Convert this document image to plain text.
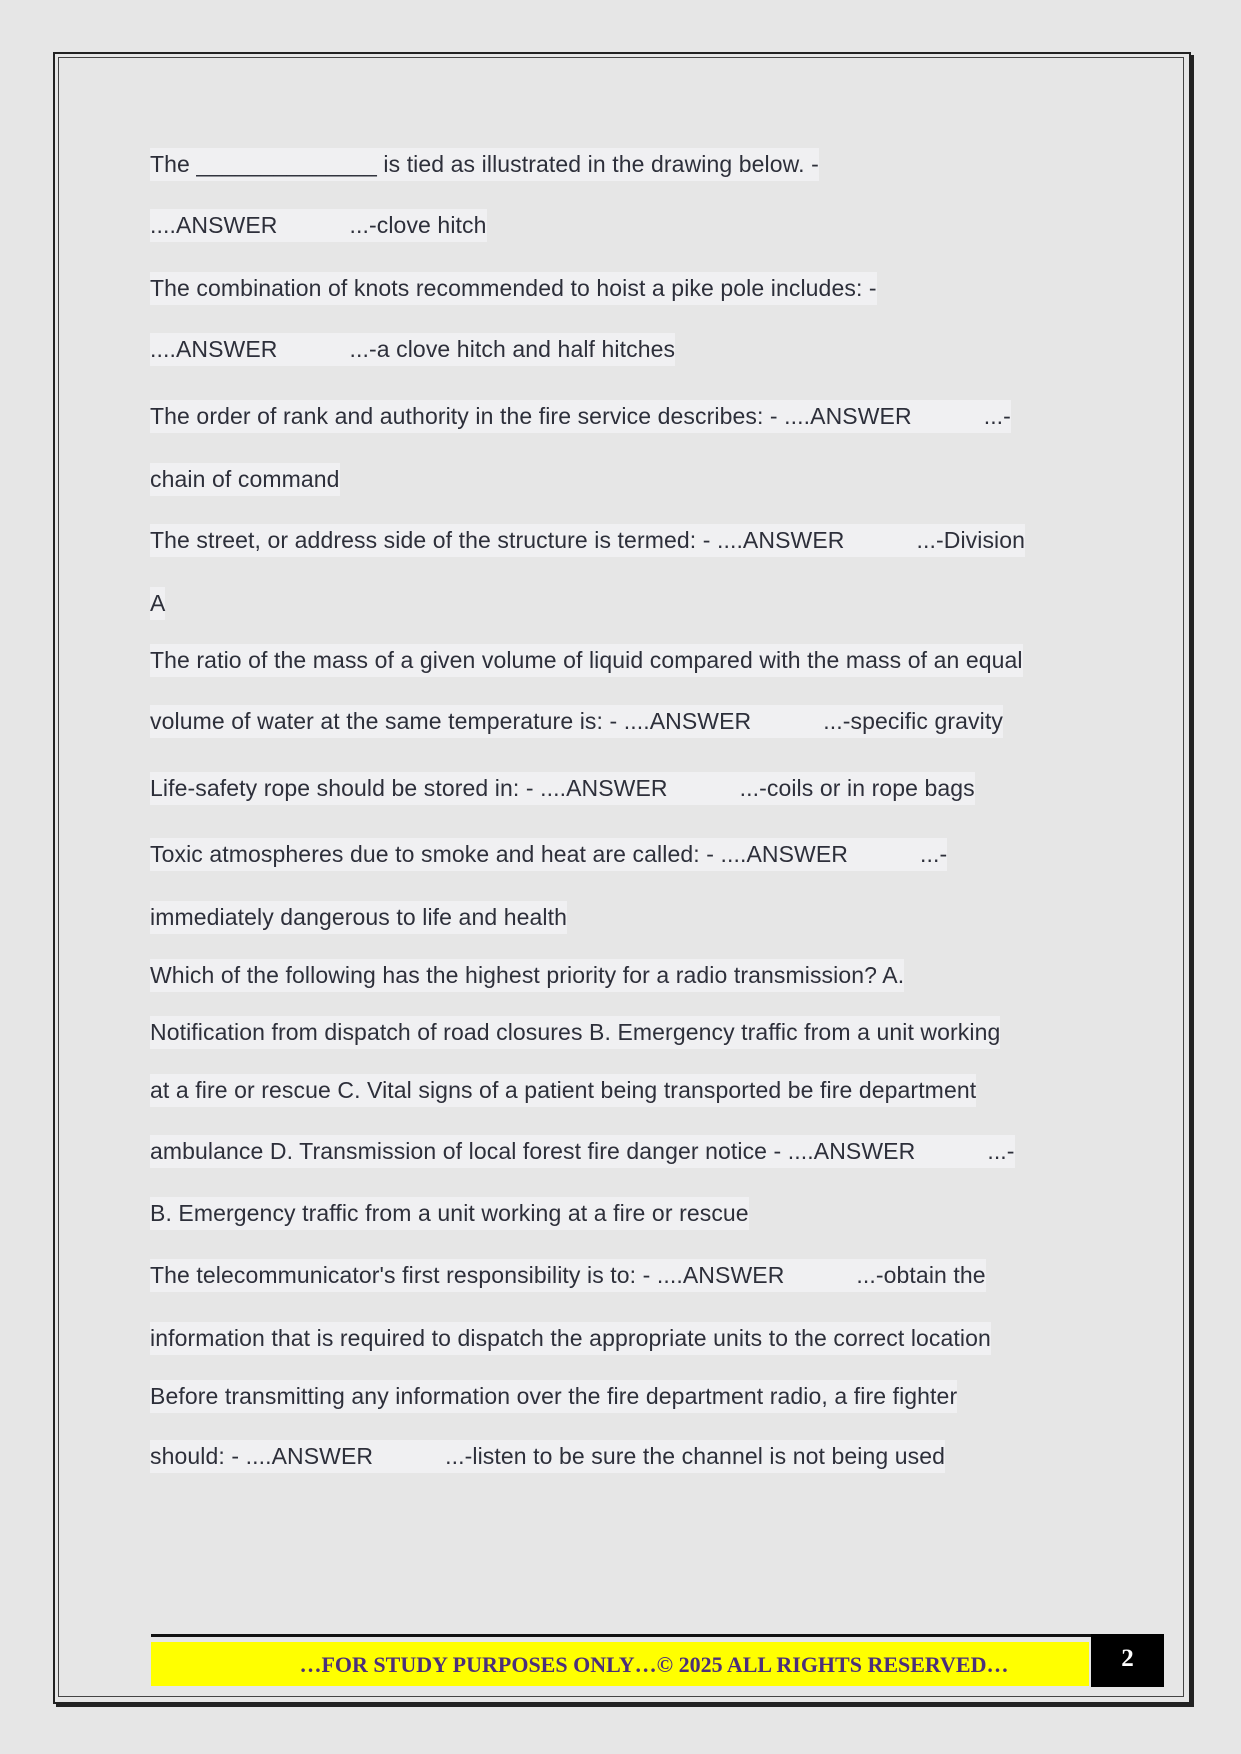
The ______________ is tied as illustrated in the drawing below. -
....ANSWER	...-clove hitch
The combination of knots recommended to hoist a pike pole includes: -
....ANSWER	...-a clove hitch and half hitches
The order of rank and authority in the fire service describes: - ....ANSWER	...-
chain of command
The street, or address side of the structure is termed: - ....ANSWER	...-Division
A
The ratio of the mass of a given volume of liquid compared with the mass of an equal
volume of water at the same temperature is: - ....ANSWER	...-specific gravity
Life-safety rope should be stored in: - ....ANSWER	...-coils or in rope bags
Toxic atmospheres due to smoke and heat are called: - ....ANSWER	...-
immediately dangerous to life and health
Which of the following has the highest priority for a radio transmission? A.
Notification from dispatch of road closures B. Emergency traffic from a unit working
at a fire or rescue C. Vital signs of a patient being transported be fire department
ambulance D. Transmission of local forest fire danger notice - ....ANSWER	...-
B. Emergency traffic from a unit working at a fire or rescue
The telecommunicator's first responsibility is to: - ....ANSWER	...-obtain the
information that is required to dispatch the appropriate units to the correct location
Before transmitting any information over the fire department radio, a fire fighter
should: - ....ANSWER	...-listen to be sure the channel is not being used
…FOR STUDY PURPOSES ONLY…© 2025 ALL RIGHTS RESERVED…	2
